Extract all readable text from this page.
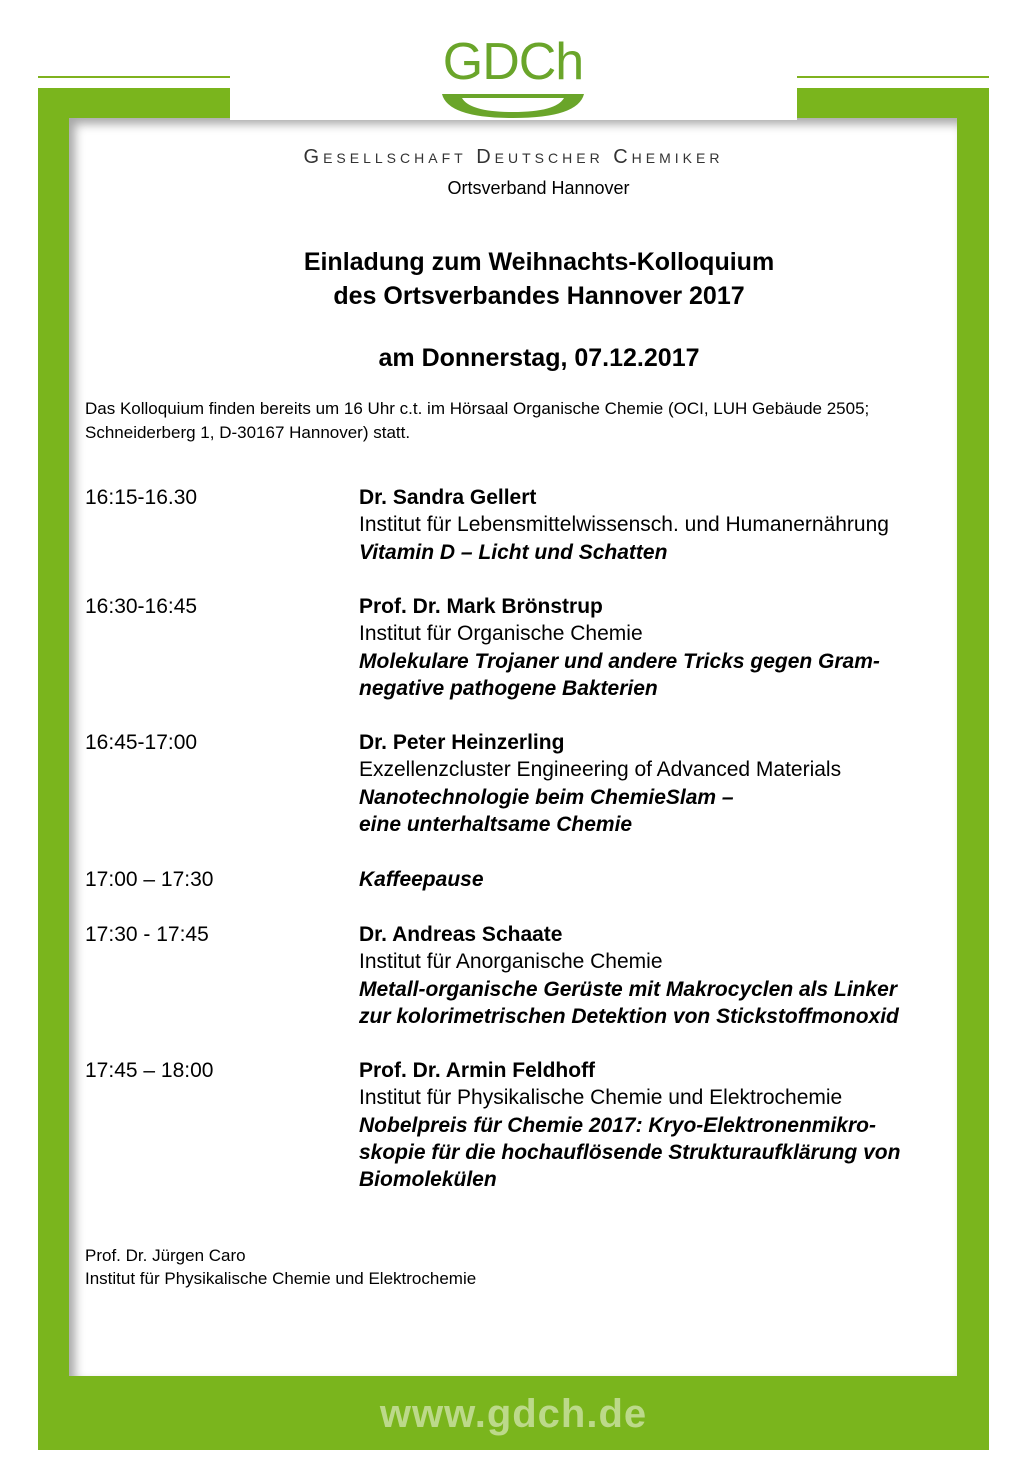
GDCh
Gesellschaft Deutscher Chemiker
Ortsverband Hannover
Einladung zum Weihnachts-Kolloquium
des Ortsverbandes Hannover 2017
am Donnerstag, 07.12.2017
Das Kolloquium finden bereits um 16 Uhr c.t. im Hörsaal Organische Chemie (OCI, LUH Gebäude 2505;
Schneiderberg 1, D-30167 Hannover) statt.
16:15-16.30	Dr. Sandra Gellert
Institut für Lebensmittelwissensch. und Humanernährung
Vitamin D – Licht und Schatten
16:30-16:45	Prof. Dr. Mark Brönstrup
Institut für Organische Chemie
Molekulare Trojaner und andere Tricks gegen Gram-
negative pathogene Bakterien
16:45-17:00	Dr. Peter Heinzerling
Exzellenzcluster Engineering of Advanced Materials
Nanotechnologie beim ChemieSlam –
eine unterhaltsame Chemie
17:00 – 17:30	Kaffeepause
17:30 - 17:45	Dr. Andreas Schaate
Institut für Anorganische Chemie
Metall-organische Gerüste mit Makrocyclen als Linker
zur kolorimetrischen Detektion von Stickstoffmonoxid
17:45 – 18:00	Prof. Dr. Armin Feldhoff
Institut für Physikalische Chemie und Elektrochemie
Nobelpreis für Chemie 2017: Kryo-Elektronenmikro-
skopie für die hochauflösende Strukturaufklärung von
Biomolekülen
Prof. Dr. Jürgen Caro
Institut für Physikalische Chemie und Elektrochemie
www.gdch.de
